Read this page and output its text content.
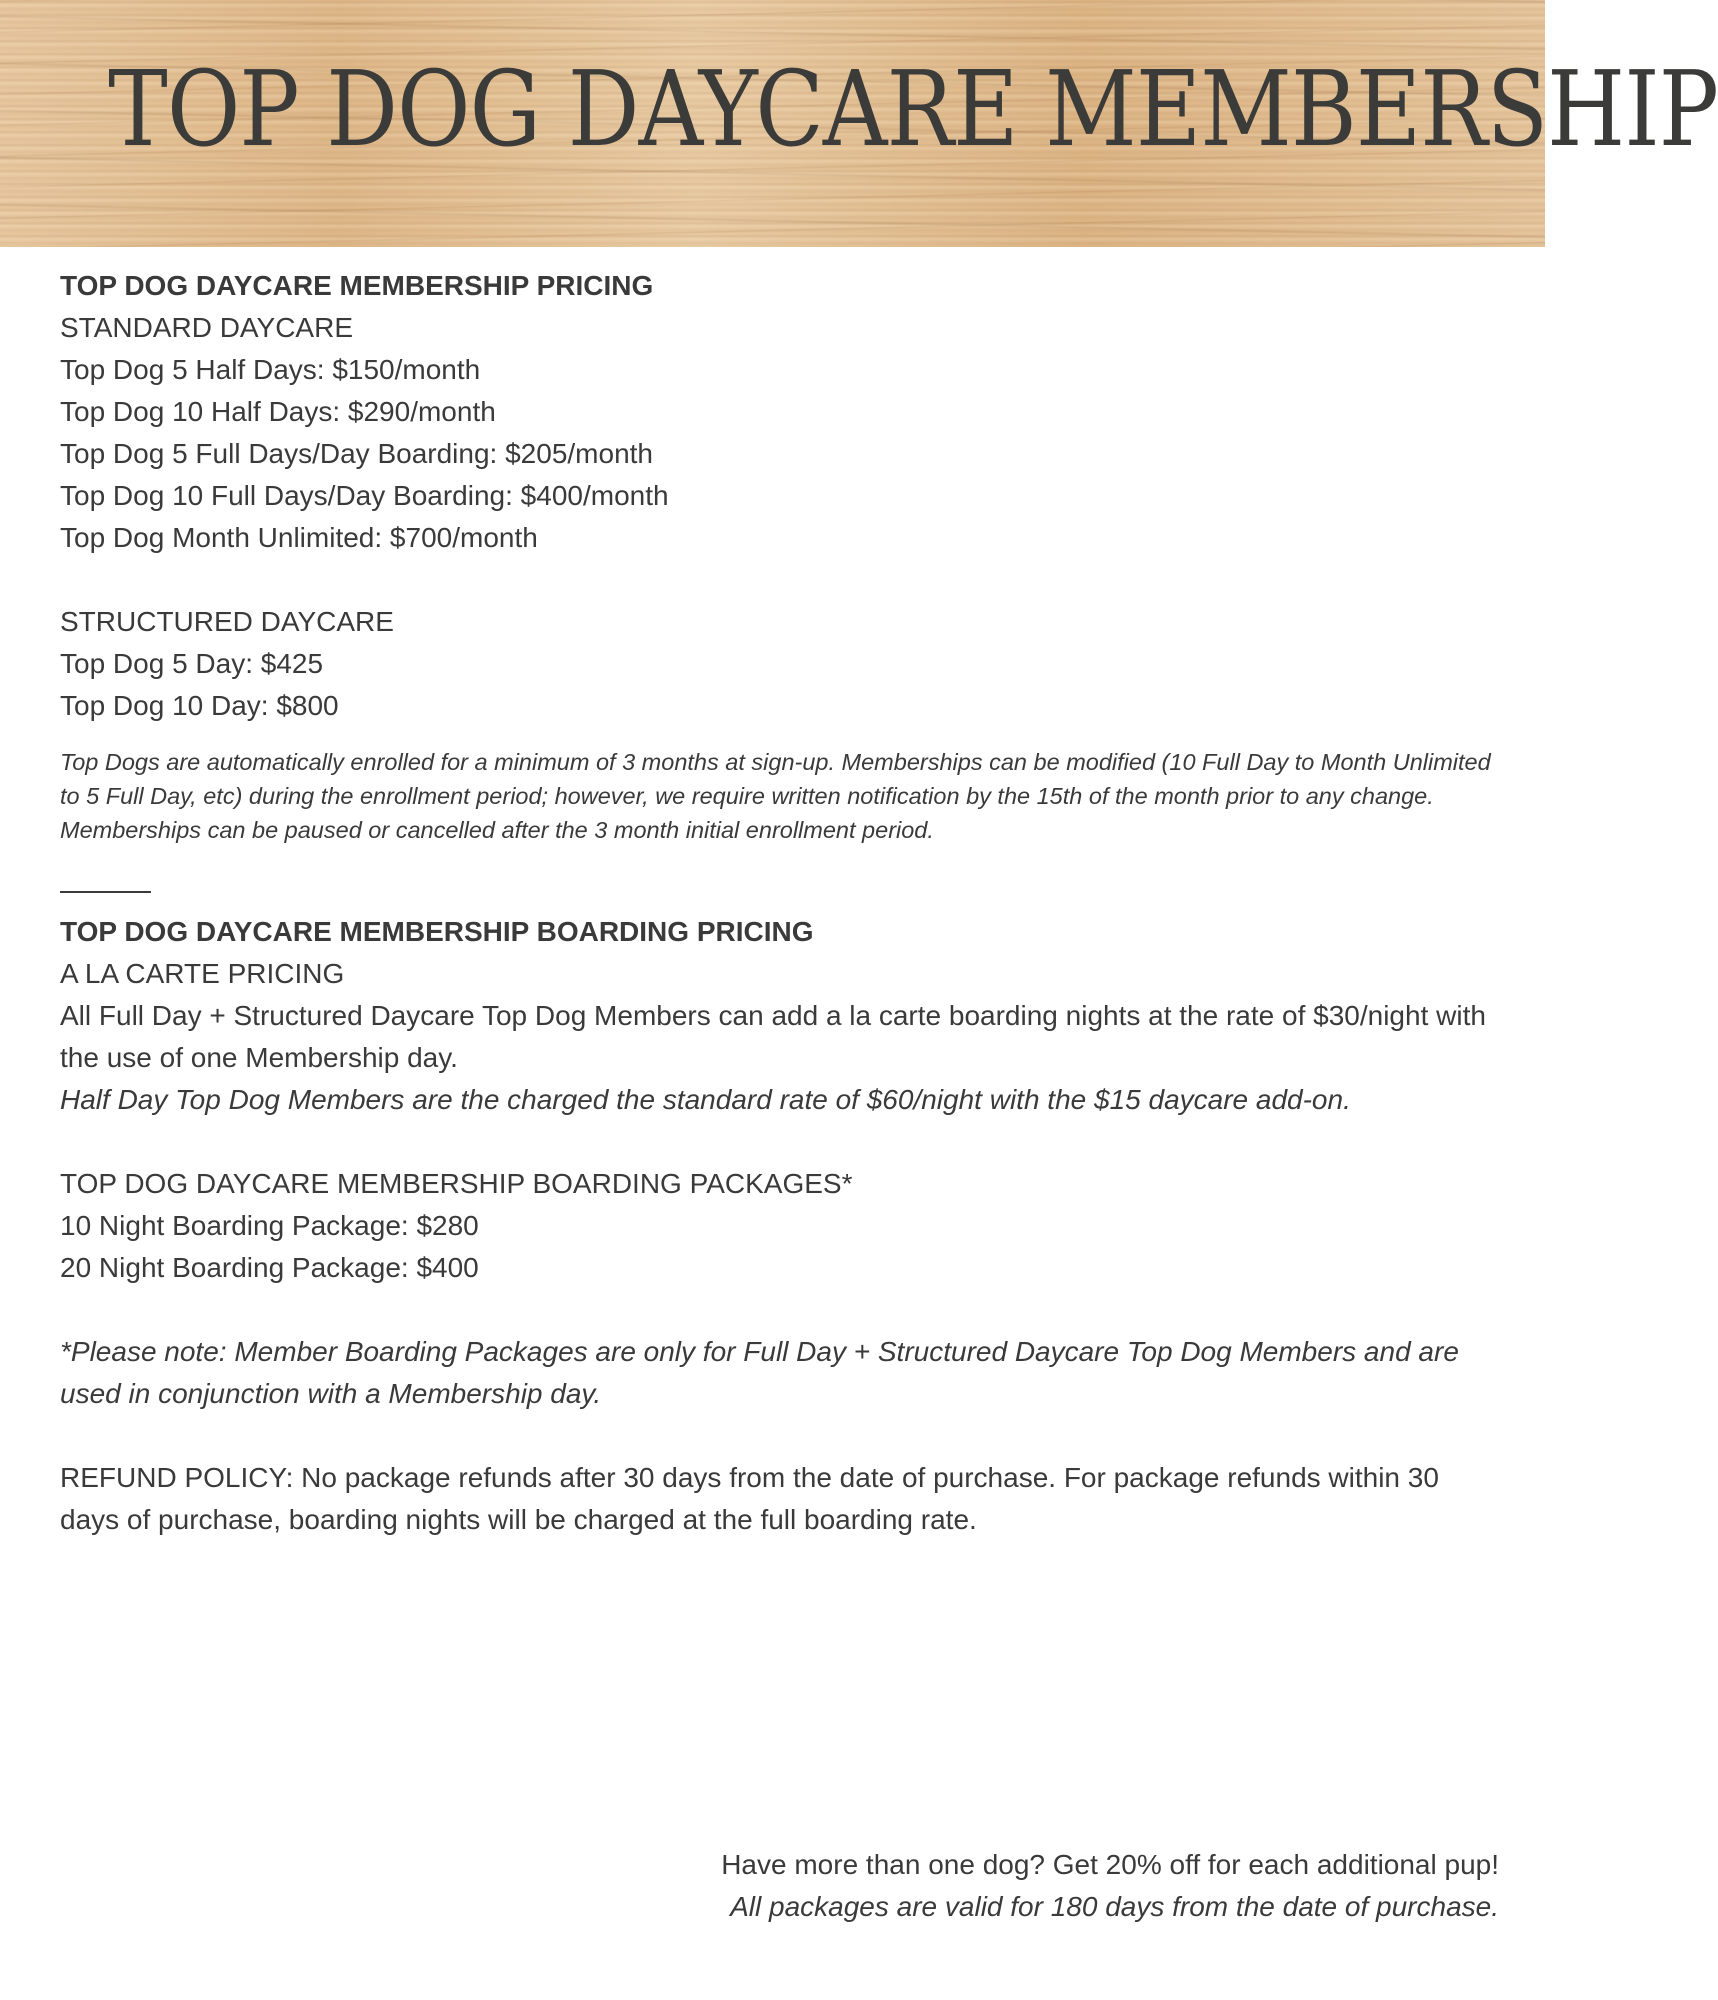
TOP DOG DAYCARE MEMBERSHIP
TOP DOG DAYCARE MEMBERSHIP PRICING
STANDARD DAYCARE
Top Dog 5 Half Days: $150/month
Top Dog 10 Half Days: $290/month
Top Dog 5 Full Days/Day Boarding: $205/month
Top Dog 10 Full Days/Day Boarding: $400/month
Top Dog Month Unlimited: $700/month
STRUCTURED DAYCARE
Top Dog 5 Day: $425
Top Dog 10 Day: $800
Top Dogs are automatically enrolled for a minimum of 3 months at sign-up. Memberships can be modified (10 Full Day to Month Unlimited to 5 Full Day, etc) during the enrollment period; however, we require written notification by the 15th of the month prior to any change. Memberships can be paused or cancelled after the 3 month initial enrollment period.
TOP DOG DAYCARE MEMBERSHIP BOARDING PRICING
A LA CARTE PRICING
All Full Day + Structured Daycare Top Dog Members can add a la carte boarding nights at the rate of $30/night with the use of one Membership day.
Half Day Top Dog Members are the charged the standard rate of $60/night with the $15 daycare add-on.
TOP DOG DAYCARE MEMBERSHIP BOARDING PACKAGES*
10 Night Boarding Package: $280
20 Night Boarding Package: $400
*Please note: Member Boarding Packages are only for Full Day + Structured Daycare Top Dog Members and are used in conjunction with a Membership day.
REFUND POLICY: No package refunds after 30 days from the date of purchase. For package refunds within 30 days of purchase, boarding nights will be charged at the full boarding rate.
Have more than one dog? Get 20% off for each additional pup!
All packages are valid for 180 days from the date of purchase.
